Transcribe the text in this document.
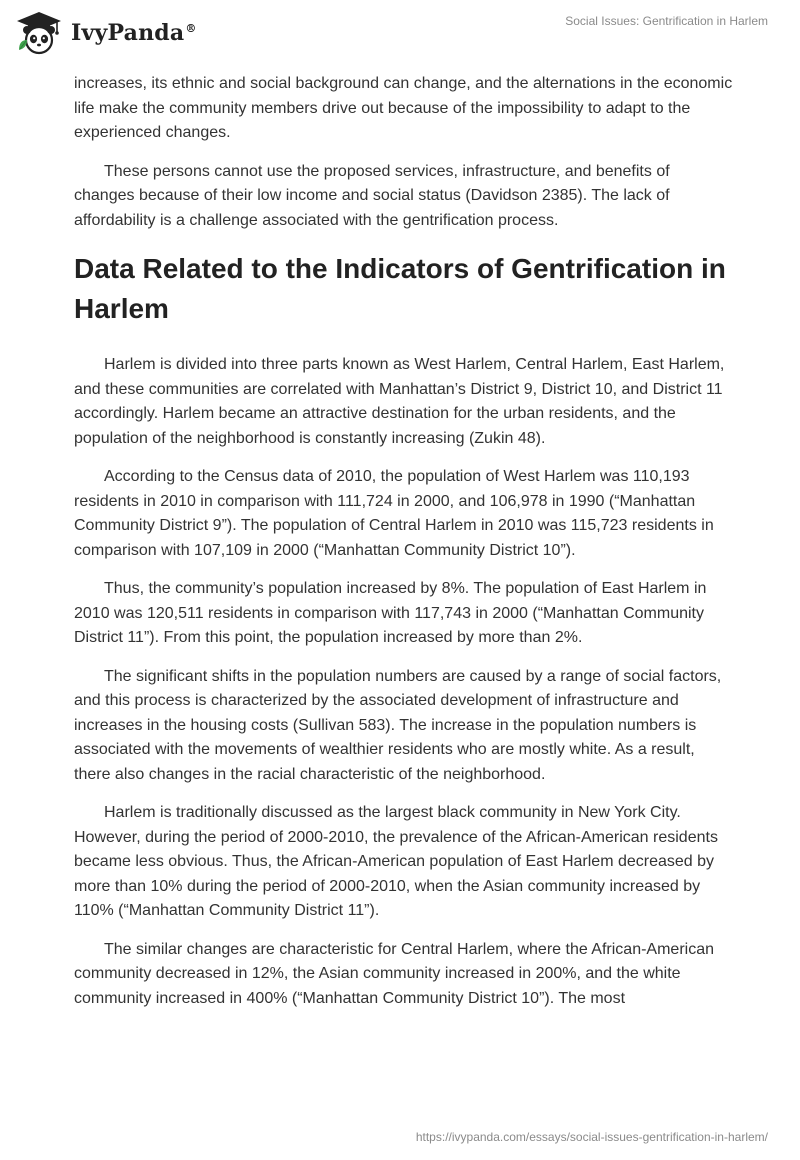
IvyPanda®
Social Issues: Gentrification in Harlem

increases, its ethnic and social background can change, and the alternations in the economic life make the community members drive out because of the impossibility to adapt to the experienced changes.

These persons cannot use the proposed services, infrastructure, and benefits of changes because of their low income and social status (Davidson 2385). The lack of affordability is a challenge associated with the gentrification process.

Data Related to the Indicators of Gentrification in Harlem

Harlem is divided into three parts known as West Harlem, Central Harlem, East Harlem, and these communities are correlated with Manhattan’s District 9, District 10, and District 11 accordingly. Harlem became an attractive destination for the urban residents, and the population of the neighborhood is constantly increasing (Zukin 48).

According to the Census data of 2010, the population of West Harlem was 110,193 residents in 2010 in comparison with 111,724 in 2000, and 106,978 in 1990 (“Manhattan Community District 9”). The population of Central Harlem in 2010 was 115,723 residents in comparison with 107,109 in 2000 (“Manhattan Community District 10”).

Thus, the community’s population increased by 8%. The population of East Harlem in 2010 was 120,511 residents in comparison with 117,743 in 2000 (“Manhattan Community District 11”). From this point, the population increased by more than 2%.

The significant shifts in the population numbers are caused by a range of social factors, and this process is characterized by the associated development of infrastructure and increases in the housing costs (Sullivan 583). The increase in the population numbers is associated with the movements of wealthier residents who are mostly white. As a result, there also changes in the racial characteristic of the neighborhood.

Harlem is traditionally discussed as the largest black community in New York City. However, during the period of 2000-2010, the prevalence of the African-American residents became less obvious. Thus, the African-American population of East Harlem decreased by more than 10% during the period of 2000-2010, when the Asian community increased by 110% (“Manhattan Community District 11”).

The similar changes are characteristic for Central Harlem, where the African-American community decreased in 12%, the Asian community increased in 200%, and the white community increased in 400% (“Manhattan Community District 10”). The most

https://ivypanda.com/essays/social-issues-gentrification-in-harlem/
